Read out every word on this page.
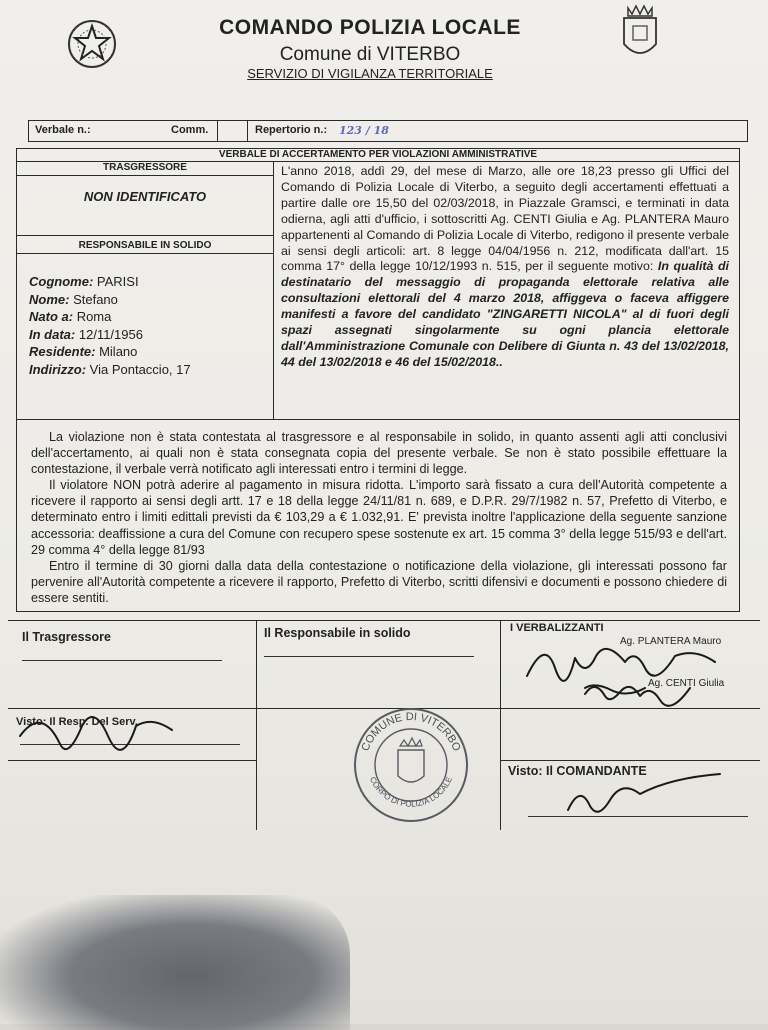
COMANDO POLIZIA LOCALE
Comune di VITERBO
SERVIZIO DI VIGILANZA TERRITORIALE
Verbale n.:	Comm.	Repertorio n.: 123 / 18
VERBALE DI ACCERTAMENTO PER VIOLAZIONI AMMINISTRATIVE
TRASGRESSORE
NON IDENTIFICATO
RESPONSABILE IN SOLIDO
Cognome: PARISI
Nome: Stefano
Nato a: Roma
In data: 12/11/1956
Residente: Milano
Indirizzo: Via Pontaccio, 17
L'anno 2018, addì 29, del mese di Marzo, alle ore 18,23 presso gli Uffici del Comando di Polizia Locale di Viterbo, a seguito degli accertamenti effettuati a partire dalle ore 15,50 del 02/03/2018, in Piazzale Gramsci, e terminati in data odierna, agli atti d'ufficio, i sottoscritti Ag. CENTI Giulia e Ag. PLANTERA Mauro appartenenti al Comando di Polizia Locale di Viterbo, redigono il presente verbale ai sensi degli articoli: art. 8 legge 04/04/1956 n. 212, modificata dall'art. 15 comma 17° della legge 10/12/1993 n. 515, per il seguente motivo: In qualità di destinatario del messaggio di propaganda elettorale relativa alle consultazioni elettorali del 4 marzo 2018, affiggeva o faceva affiggere manifesti a favore del candidato "ZINGARETTI NICOLA" al di fuori degli spazi assegnati singolarmente su ogni plancia elettorale dall'Amministrazione Comunale con Delibere di Giunta n. 43 del 13/02/2018, 44 del 13/02/2018 e 46 del 15/02/2018..

La violazione non è stata contestata al trasgressore e al responsabile in solido, in quanto assenti agli atti conclusivi dell'accertamento, ai quali non è stata consegnata copia del presente verbale. Se non è stato possibile effettuare la contestazione, il verbale verrà notificato agli interessati entro i termini di legge.

Il violatore NON potrà aderire al pagamento in misura ridotta. L'importo sarà fissato a cura dell'Autorità competente a ricevere il rapporto ai sensi degli artt. 17 e 18 della legge 24/11/81 n. 689, e D.P.R. 29/7/1982 n. 57, Prefetto di Viterbo, e determinato entro i limiti edittali previsti da € 103,29 a € 1.032,91. E' prevista inoltre l'applicazione della seguente sanzione accessoria: deaffissione a cura del Comune con recupero spese sostenute ex art. 15 comma 3° della legge 515/93 e dell'art. 29 comma 4° della legge 81/93

Entro il termine di 30 giorni dalla data della contestazione o notificazione della violazione, gli interessati possono far pervenire all'Autorità competente a ricevere il rapporto, Prefetto di Viterbo, scritti difensivi e documenti e possono chiedere di essere sentiti.

Il Trasgressore	Il Responsabile in solido	I VERBALIZZANTI
Ag. PLANTERA Mauro
Ag. CENTI Giulia
Visto: Il Resp. Del Serv.
Visto: Il COMANDANTE
COMUNE DI VITERBO
CORPO DI POLIZIA LOCALE
